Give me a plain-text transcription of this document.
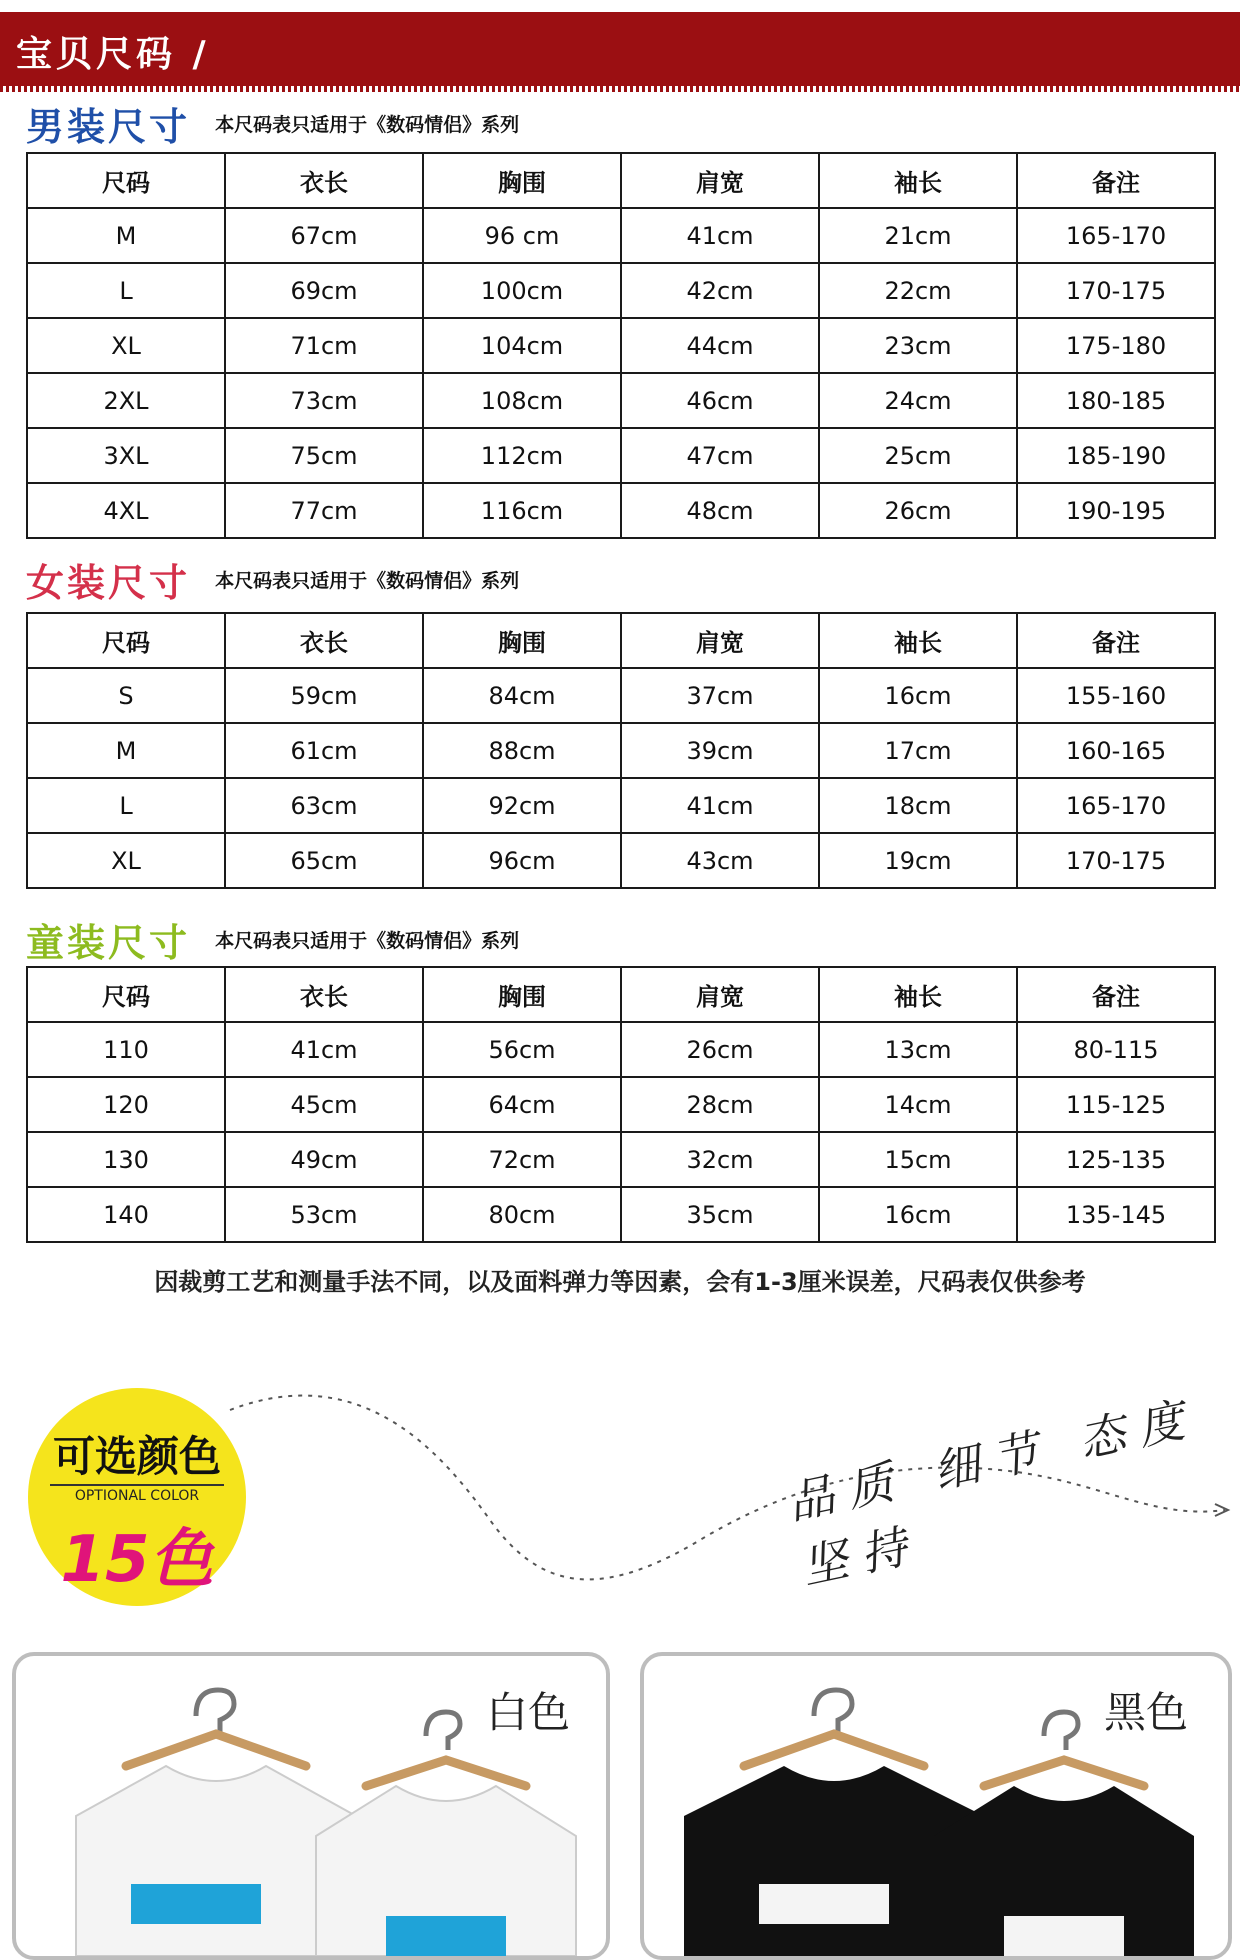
宝贝尺码 /
男装尺寸 本尺码表只适用于《数码情侣》系列
尺码	衣长	胸围	肩宽	袖长	备注
M	67cm	96 cm	41cm	21cm	165-170
L	69cm	100cm	42cm	22cm	170-175
XL	71cm	104cm	44cm	23cm	175-180
2XL	73cm	108cm	46cm	24cm	180-185
3XL	75cm	112cm	47cm	25cm	185-190
4XL	77cm	116cm	48cm	26cm	190-195
女装尺寸 本尺码表只适用于《数码情侣》系列
尺码	衣长	胸围	肩宽	袖长	备注
S	59cm	84cm	37cm	16cm	155-160
M	61cm	88cm	39cm	17cm	160-165
L	63cm	92cm	41cm	18cm	165-170
XL	65cm	96cm	43cm	19cm	170-175
童装尺寸 本尺码表只适用于《数码情侣》系列
尺码	衣长	胸围	肩宽	袖长	备注
110	41cm	56cm	26cm	13cm	80-115
120	45cm	64cm	28cm	14cm	115-125
130	49cm	72cm	32cm	15cm	125-135
140	53cm	80cm	35cm	16cm	135-145
因裁剪工艺和测量手法不同，以及面料弹力等因素，会有1-3厘米误差，尺码表仅供参考
可选颜色
OPTIONAL COLOR
15色
品质 细节 态度 坚持
白色	黑色
